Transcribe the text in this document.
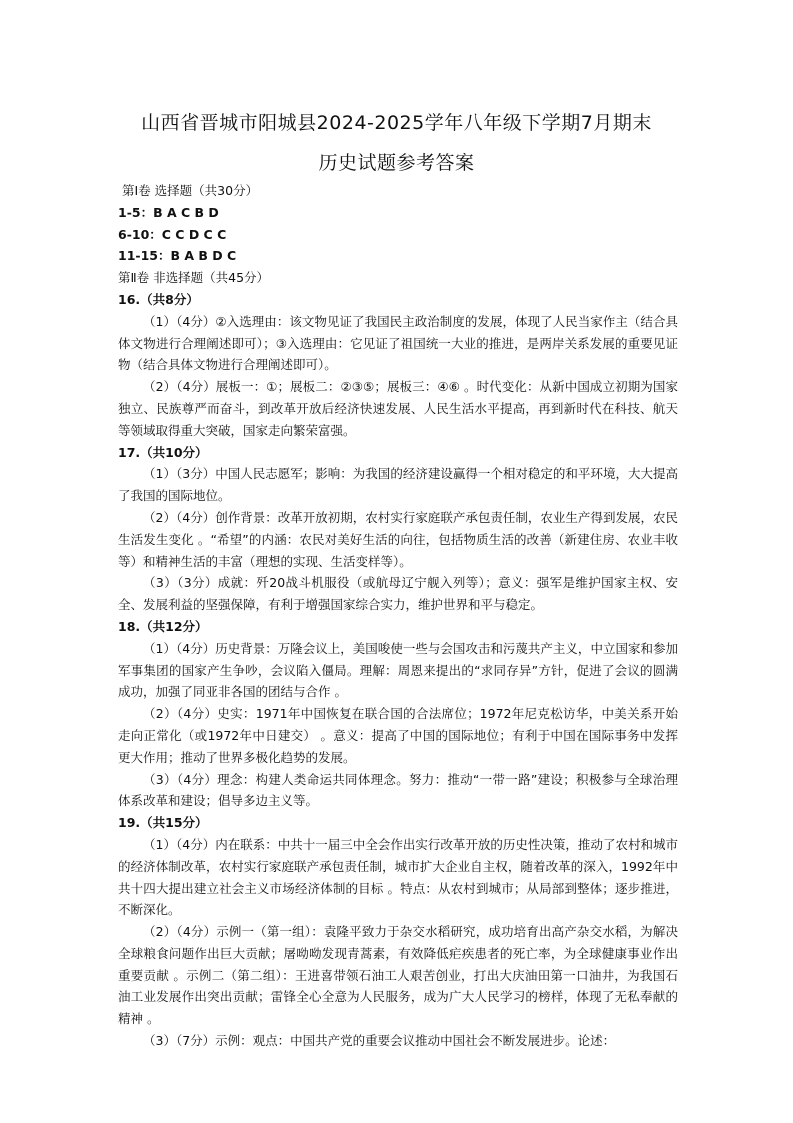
山西省晋城市阳城县2024-2025学年八年级下学期7月期末
历史试题参考答案
第Ⅰ卷 选择题（共30分）
1-5：B A C B D
6-10：C C D C C
11-15：B A B D C
第Ⅱ卷 非选择题（共45分）
16.（共8分）
（1）（4分）②入选理由：该文物见证了我国民主政治制度的发展，体现了人民当家作主（结合具体文物进行合理阐述即可）；③入选理由：它见证了祖国统一大业的推进，是两岸关系发展的重要见证物（结合具体文物进行合理阐述即可）。
（2）（4分）展板一：①；展板二：②③⑤；展板三：④⑥ 。时代变化：从新中国成立初期为国家独立、民族尊严而奋斗，到改革开放后经济快速发展、人民生活水平提高，再到新时代在科技、航天等领域取得重大突破，国家走向繁荣富强。
17.（共10分）
（1）（3分）中国人民志愿军；影响：为我国的经济建设赢得一个相对稳定的和平环境，大大提高了我国的国际地位。
（2）（4分）创作背景：改革开放初期，农村实行家庭联产承包责任制，农业生产得到发展，农民生活发生变化 。“希望”的内涵：农民对美好生活的向往，包括物质生活的改善（新建住房、农业丰收等）和精神生活的丰富（理想的实现、生活变样等）。
（3）（3分）成就：歼20战斗机服役（或航母辽宁舰入列等）；意义：强军是维护国家主权、安全、发展利益的坚强保障，有利于增强国家综合实力，维护世界和平与稳定。
18.（共12分）
（1）（4分）历史背景：万隆会议上，美国唆使一些与会国攻击和污蔑共产主义，中立国家和参加军事集团的国家产生争吵，会议陷入僵局。理解：周恩来提出的“求同存异”方针，促进了会议的圆满成功，加强了同亚非各国的团结与合作 。
（2）（4分）史实：1971年中国恢复在联合国的合法席位；1972年尼克松访华，中美关系开始走向正常化（或1972年中日建交） 。意义：提高了中国的国际地位；有利于中国在国际事务中发挥更大作用；推动了世界多极化趋势的发展。
（3）（4分）理念：构建人类命运共同体理念。努力：推动“一带一路”建设；积极参与全球治理体系改革和建设；倡导多边主义等。
19.（共15分）
（1）（4分）内在联系：中共十一届三中全会作出实行改革开放的历史性决策，推动了农村和城市的经济体制改革，农村实行家庭联产承包责任制，城市扩大企业自主权，随着改革的深入，1992年中共十四大提出建立社会主义市场经济体制的目标 。特点：从农村到城市；从局部到整体；逐步推进，不断深化。
（2）（4分）示例一（第一组）：袁隆平致力于杂交水稻研究，成功培育出高产杂交水稻，为解决全球粮食问题作出巨大贡献；屠呦呦发现青蒿素，有效降低疟疾患者的死亡率，为全球健康事业作出重要贡献 。示例二（第二组）：王进喜带领石油工人艰苦创业，打出大庆油田第一口油井，为我国石油工业发展作出突出贡献；雷锋全心全意为人民服务，成为广大人民学习的榜样，体现了无私奉献的精神 。
（3）（7分）示例：观点：中国共产党的重要会议推动中国社会不断发展进步。论述：
